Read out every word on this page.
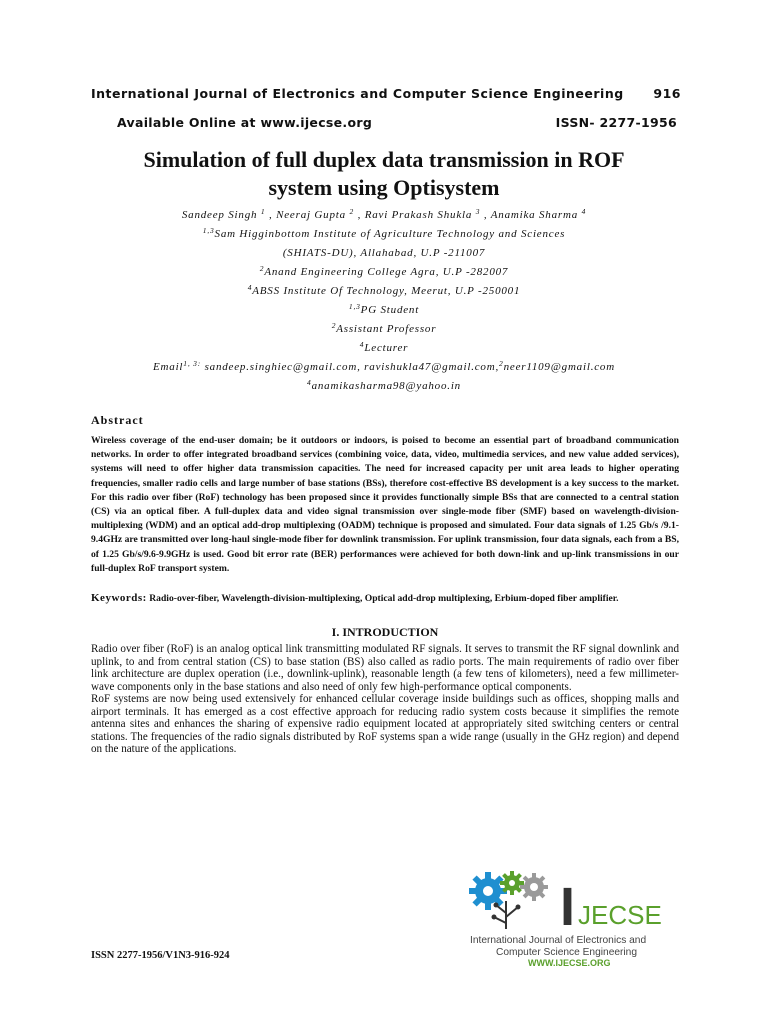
International Journal of Electronics and Computer Science Engineering 916
Available Online at www.ijecse.org	ISSN- 2277-1956
Simulation of full duplex data transmission in ROF
system using Optisystem
Sandeep Singh $^1$ , Neeraj Gupta $^2$ , Ravi Prakash Shukla $^3$ , Anamika Sharma $^4$
$^{1,3}$Sam Higginbottom Institute of Agriculture Technology and Sciences
(SHIATS-DU), Allahabad, U.P -211007
$^2$Anand Engineering College Agra, U.P -282007
$^4$ABSS Institute Of Technology, Meerut, U.P -250001
$^{1,3}$PG Student
$^2$Assistant Professor
$^4$Lecturer
Email$^{1, 3:}$ sandeep.singhiec@gmail.com, ravishukla47@gmail.com,$^2$neer1109@gmail.com
$^4$anamikasharma98@yahoo.in
Abstract
Wireless coverage of the end-user domain; be it outdoors or indoors, is poised to become an essential part of broadband communication networks. In order to offer integrated broadband services (combining voice, data, video, multimedia services, and new value added services), systems will need to offer higher data transmission capacities. The need for increased capacity per unit area leads to higher operating frequencies, smaller radio cells and large number of base stations (BSs), therefore cost-effective BS development is a key success to the market. For this radio over fiber (RoF) technology has been proposed since it provides functionally simple BSs that are connected to a central station (CS) via an optical fiber. A full-duplex data and video signal transmission over single-mode fiber (SMF) based on wavelength-division-multiplexing (WDM) and an optical add-drop multiplexing (OADM) technique is proposed and simulated. Four data signals of 1.25 Gb/s /9.1-9.4GHz are transmitted over long-haul single-mode fiber for downlink transmission. For uplink transmission, four data signals, each from a BS, of 1.25 Gb/s/9.6-9.9GHz is used. Good bit error rate (BER) performances were achieved for both down-link and up-link transmissions in our full-duplex RoF transport system.
Keywords: Radio-over-fiber, Wavelength-division-multiplexing, Optical add-drop multiplexing, Erbium-doped fiber amplifier.
I. INTRODUCTION

Radio over fiber (RoF) is an analog optical link transmitting modulated RF signals. It serves to transmit the RF signal downlink and uplink, to and from central station (CS) to base station (BS) also called as radio ports. The main requirements of radio over fiber link architecture are duplex operation (i.e., downlink-uplink), reasonable length (a few tens of kilometers), need a few millimeter-wave components only in the base stations and also need of only few high-performance optical components.

RoF systems are now being used extensively for enhanced cellular coverage inside buildings such as offices, shopping malls and airport terminals. It has emerged as a cost effective approach for reducing radio system costs because it simplifies the remote antenna sites and enhances the sharing of expensive radio equipment located at appropriately sited switching centers or central stations. The frequencies of the radio signals distributed by RoF systems span a wide range (usually in the GHz region) and depend on the nature of the applications.

ISSN 2277-1956/V1N3-916-924
I JECSE
International Journal of Electronics and
Computer Science Engineering
WWW.IJECSE.ORG
